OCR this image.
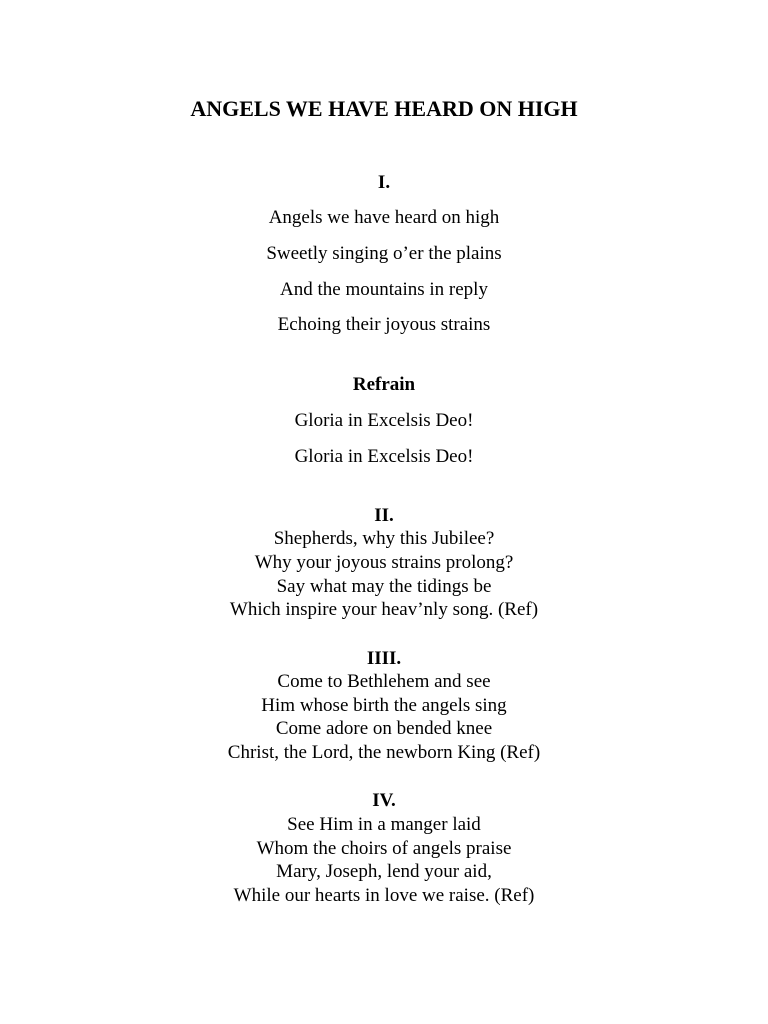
ANGELS WE HAVE HEARD ON HIGH
I.
Angels we have heard on high
Sweetly singing o’er the plains
And the mountains in reply
Echoing their joyous strains
Refrain
Gloria in Excelsis Deo!
Gloria in Excelsis Deo!
II.
Shepherds, why this Jubilee?
Why your joyous strains prolong?
Say what may the tidings be
Which inspire your heav’nly song. (Ref)
IIII.
Come to Bethlehem and see
Him whose birth the angels sing
Come adore on bended knee
Christ, the Lord, the newborn King (Ref)
IV.
See Him in a manger laid
Whom the choirs of angels praise
Mary, Joseph, lend your aid,
While our hearts in love we raise. (Ref)
